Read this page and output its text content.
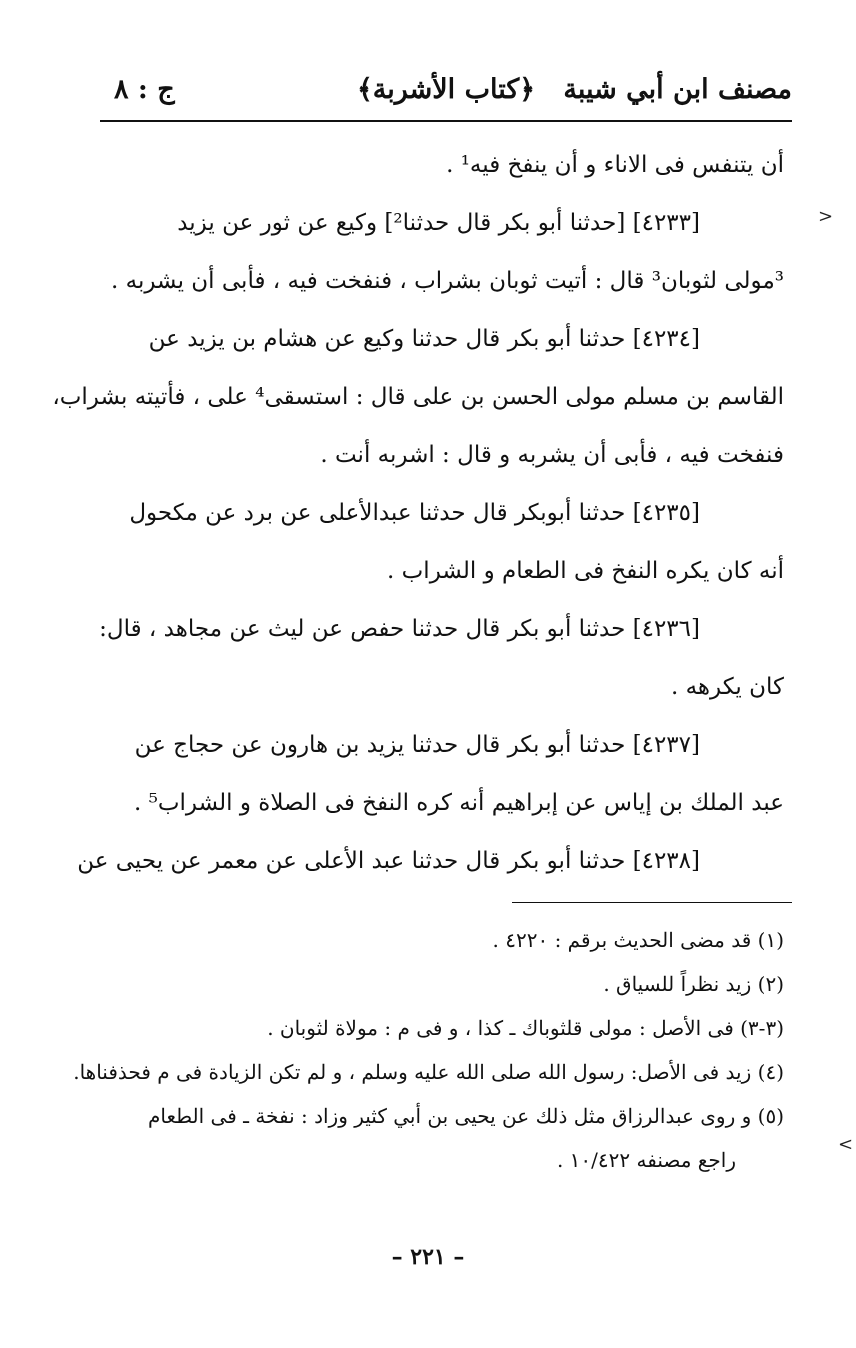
مصنف ابن أبي شيبة
﴿كتاب الأشربة﴾
ج : ٨
>
<
أن يتنفس فى الاناء و أن ينفخ فيه¹ .
[٤٢٣٣] [حدثنا أبو بكر قال حدثنا²] وكيع عن ثور عن يزيد
³مولى لثوبان³ قال : أتيت ثوبان بشراب ، فنفخت فيه ، فأبى أن يشربه .
[٤٢٣٤] حدثنا أبو بكر قال حدثنا وكيع عن هشام بن يزيد عن
القاسم بن مسلم مولى الحسن بن على قال : استسقى⁴ على ، فأتيته بشراب،
فنفخت فيه ، فأبى أن يشربه و قال : اشربه أنت .
[٤٢٣٥] حدثنا أبوبكر قال حدثنا عبدالأعلى عن برد عن مكحول
أنه كان يكره النفخ فى الطعام و الشراب .
[٤٢٣٦] حدثنا أبو بكر قال حدثنا حفص عن ليث عن مجاهد ، قال:
كان يكرهه .
[٤٢٣٧] حدثنا أبو بكر قال حدثنا يزيد بن هارون عن حجاج عن
عبد الملك بن إياس عن إبراهيم أنه كره النفخ فى الصلاة و الشراب⁵ .
[٤٢٣٨] حدثنا أبو بكر قال حدثنا عبد الأعلى عن معمر عن يحيى عن
(١) قد مضى الحديث برقم : ٤٢٢٠ .
(٢) زيد نظراً للسياق .
(٣-٣) فى الأصل : مولى قلثوباك ـ كذا ، و فى م : مولاة لثوبان .
(٤) زيد فى الأصل: رسول الله صلى الله عليه وسلم ، و لم تكن الزيادة فى م فحذفناها.
(٥) و روى عبدالرزاق مثل ذلك عن يحيى بن أبي كثير وزاد : نفخة ـ فى الطعام
راجع مصنفه ١٠/٤٢٢ .
– ٢٢١ –
